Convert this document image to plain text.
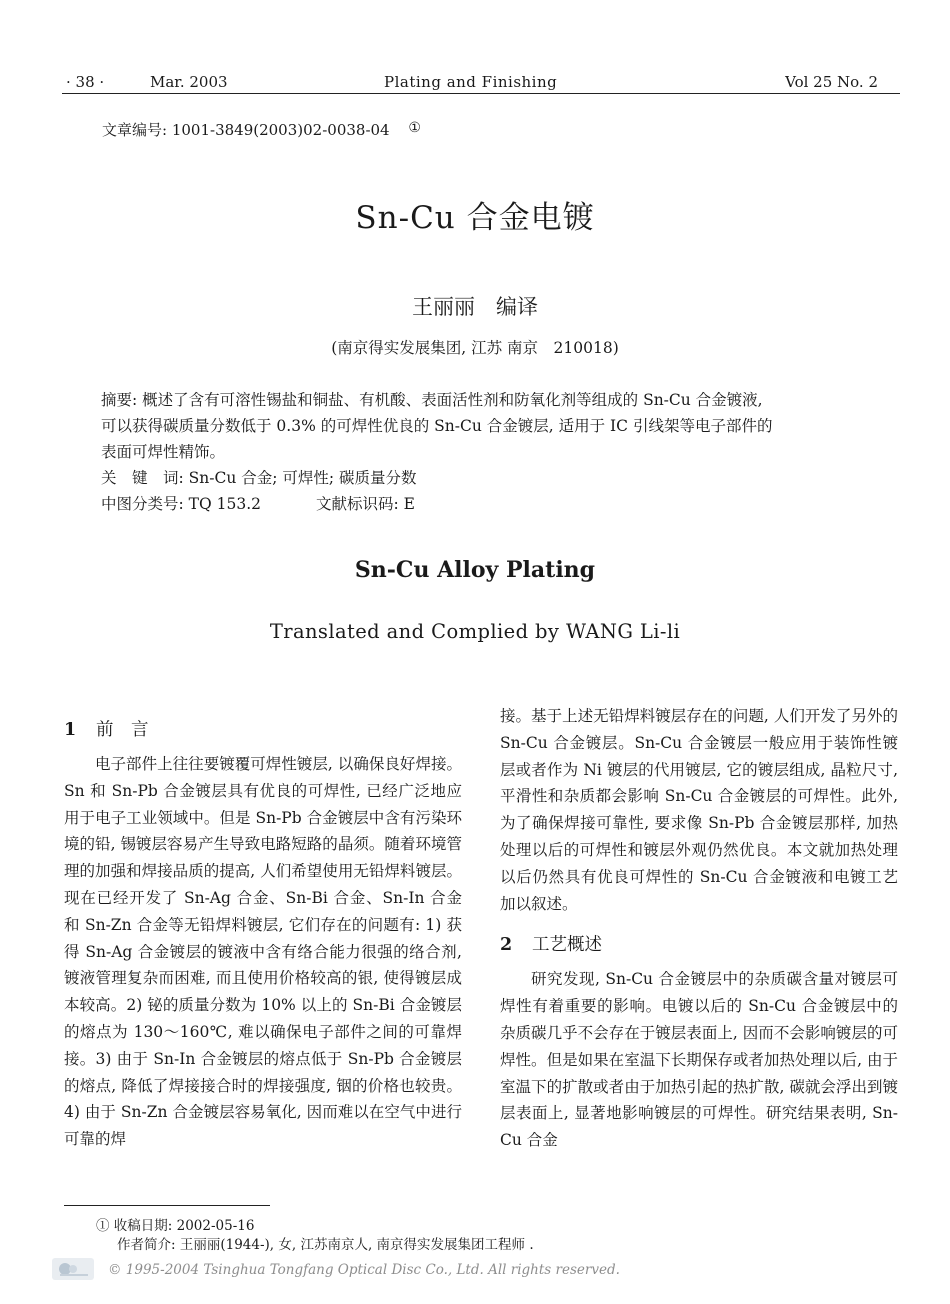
· 38 ·	Mar. 2003	Plating and Finishing	Vol 25 No. 2
文章编号: 1001-3849(2003)02-0038-04 ①
Sn-Cu 合金电镀
王丽丽　编译
(南京得实发展集团, 江苏 南京　210018)
摘要: 概述了含有可溶性锡盐和铜盐、有机酸、表面活性剂和防氧化剂等组成的 Sn-Cu 合金镀液,
可以获得碳质量分数低于 0.3% 的可焊性优良的 Sn-Cu 合金镀层, 适用于 IC 引线架等电子部件的
表面可焊性精饰。
关　键　词: Sn-Cu 合金; 可焊性; 碳质量分数
中图分类号: TQ 153.2	文献标识码: E
Sn-Cu Alloy Plating
Translated and Complied by WANG Li-li
1 前　言

电子部件上往往要镀覆可焊性镀层, 以确保良好焊接。Sn 和 Sn-Pb 合金镀层具有优良的可焊性, 已经广泛地应用于电子工业领域中。但是 Sn-Pb 合金镀层中含有污染环境的铅, 锡镀层容易产生导致电路短路的晶须。随着环境管理的加强和焊接品质的提高, 人们希望使用无铅焊料镀层。现在已经开发了 Sn-Ag 合金、Sn-Bi 合金、Sn-In 合金和 Sn-Zn 合金等无铅焊料镀层, 它们存在的问题有: 1) 获得 Sn-Ag 合金镀层的镀液中含有络合能力很强的络合剂, 镀液管理复杂而困难, 而且使用价格较高的银, 使得镀层成本较高。2) 铋的质量分数为 10% 以上的 Sn-Bi 合金镀层的熔点为 130～160℃, 难以确保电子部件之间的可靠焊接。3) 由于 Sn-In 合金镀层的熔点低于 Sn-Pb 合金镀层的熔点, 降低了焊接接合时的焊接强度, 铟的价格也较贵。4) 由于 Sn-Zn 合金镀层容易氧化, 因而难以在空气中进行可靠的焊

接。基于上述无铅焊料镀层存在的问题, 人们开发了另外的 Sn-Cu 合金镀层。Sn-Cu 合金镀层一般应用于装饰性镀层或者作为 Ni 镀层的代用镀层, 它的镀层组成, 晶粒尺寸, 平滑性和杂质都会影响 Sn-Cu 合金镀层的可焊性。此外, 为了确保焊接可靠性, 要求像 Sn-Pb 合金镀层那样, 加热处理以后的可焊性和镀层外观仍然优良。本文就加热处理以后仍然具有优良可焊性的 Sn-Cu 合金镀液和电镀工艺加以叙述。

2 工艺概述

研究发现, Sn-Cu 合金镀层中的杂质碳含量对镀层可焊性有着重要的影响。电镀以后的 Sn-Cu 合金镀层中的杂质碳几乎不会存在于镀层表面上, 因而不会影响镀层的可焊性。但是如果在室温下长期保存或者加热处理以后, 由于室温下的扩散或者由于加热引起的热扩散, 碳就会浮出到镀层表面上, 显著地影响镀层的可焊性。研究结果表明, Sn-Cu 合金

① 收稿日期: 2002-05-16
作者简介: 王丽丽(1944-), 女, 江苏南京人, 南京得实发展集团工程师 .
© 1995-2004 Tsinghua Tongfang Optical Disc Co., Ltd. All rights reserved.
